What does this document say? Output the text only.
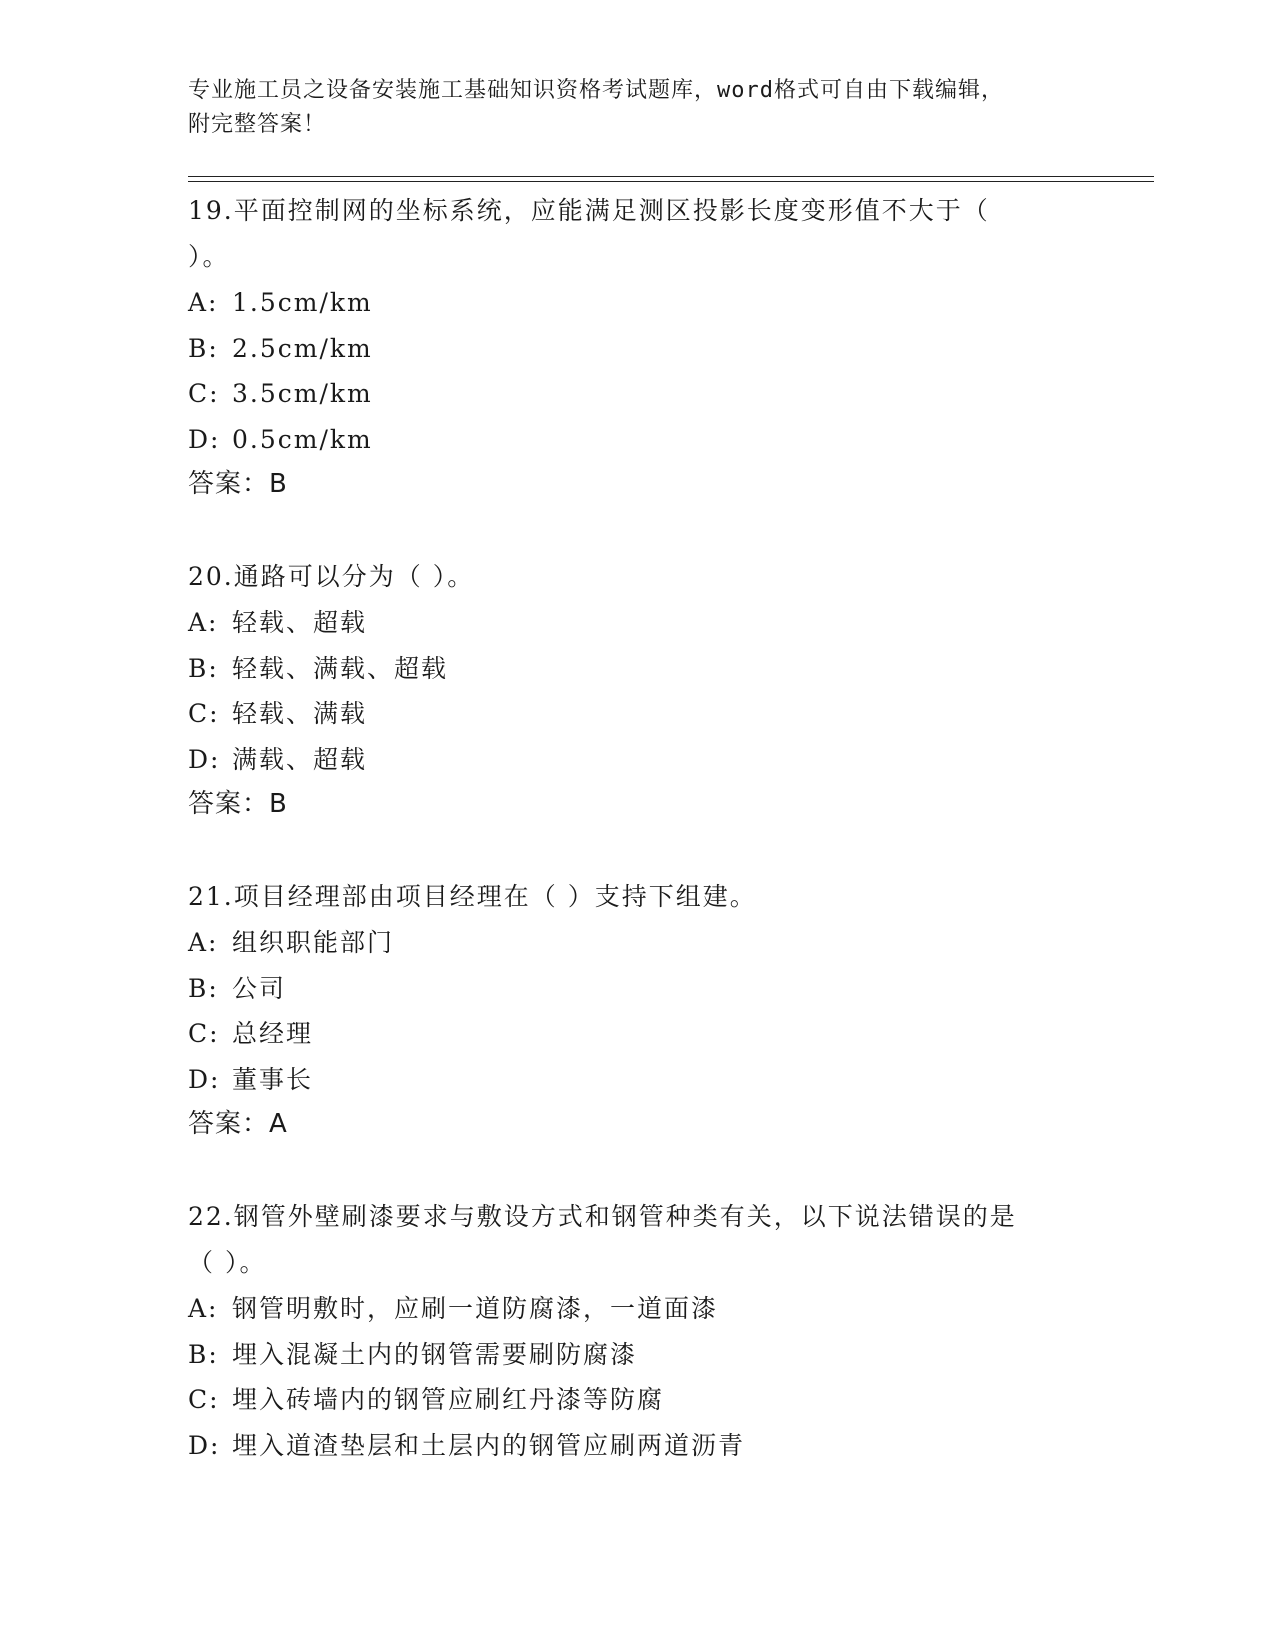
专业施工员之设备安装施工基础知识资格考试题库，word格式可自由下载编辑，
附完整答案！
19.平面控制网的坐标系统，应能满足测区投影长度变形值不大于（
）。
A: 1.5cm/km
B: 2.5cm/km
C: 3.5cm/km
D: 0.5cm/km
答案：B
20.通路可以分为（ ）。
A: 轻载、超载
B: 轻载、满载、超载
C: 轻载、满载
D: 满载、超载
答案：B
21.项目经理部由项目经理在（ ）支持下组建。
A: 组织职能部门
B: 公司
C: 总经理
D: 董事长
答案：A
22.钢管外壁刷漆要求与敷设方式和钢管种类有关，以下说法错误的是
（ ）。
A: 钢管明敷时，应刷一道防腐漆，一道面漆
B: 埋入混凝土内的钢管需要刷防腐漆
C: 埋入砖墙内的钢管应刷红丹漆等防腐
D: 埋入道渣垫层和土层内的钢管应刷两道沥青
